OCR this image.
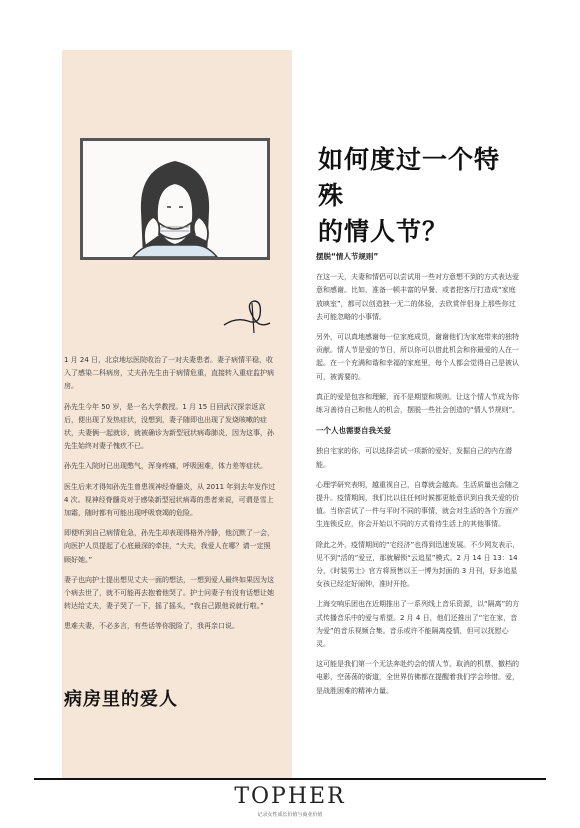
1 月 24 日，北京地坛医院收治了一对夫妻患者。妻子病情平稳，收入了感染二科病房，丈夫孙先生由于病情危重，直接转入重症监护病房。

孙先生今年 50 岁，是一名大学教授。1 月 15 日回武汉探亲返京后，便出现了发热症状，没想到，妻子随即也出现了发烧咳嗽的症状，夫妻俩一起就诊，就被确诊为新型冠状病毒肺炎，因为这事，孙先生始终对妻子愧疚不已。

孙先生入院时已出现憋气，浑身疼痛，呼吸困难，体力差等症状。

医生后来才得知孙先生曾患视神经脊髓炎，从 2011 年到去年发作过 4 次。视神经脊髓炎对于感染新型冠状病毒的患者来说，可谓是雪上加霜，随时都有可能出现呼吸衰竭的危险。

即便听到自己病情危急，孙先生却表现得格外冷静，他沉默了一会，向医护人员提起了心底最深的牵挂，“大夫，我爱人在哪？请一定照顾好她。”

妻子也向护士提出想见丈夫一面的想法，一想到爱人最终如果因为这个病去世了，就不可能再去抱着他哭了。护士问妻子有没有话想让她转达给丈夫，妻子哭了一下，摇了摇头，“我自己跟他说就行啦。”

患难夫妻，不必多言，有些话等你脱险了，我再亲口说。

病房里的爱人
如何度过一个特殊
的情人节？

摆脱“情人节规则”

在这一天，夫妻和情侣可以尝试用一些对方意想不到的方式表达爱意和感谢。比如，准备一顿丰富的早餐，或者把客厅打造成“家庭放映室”，都可以创造独一无二的体验，去欣赏伴侣身上那些你过去可能忽略的小事情。

另外，可以真地感谢每一位家庭成员，谢谢他们为家庭带来的独特贡献。情人节是爱的节日，所以你可以借此机会和你最爱的人在一起。在一个充满和谐和幸福的家庭里，每个人都会觉得自己是被认可，被需要的。

真正的爱是包容和理解，而不是期望和规则。让这个情人节成为你练习善待自己和他人的机会，摆脱一些社会创造的“情人节规则”。

一个人也需要自我关爱

独自宅家的你，可以选择尝试一项新的爱好，发掘自己的内在潜能。

心理学研究表明，越重视自己，自尊就会越高。生活质量也会随之提升。疫情期间，我们比以往任何时候都更能意识到自我关爱的价值。当你尝试了一件与平时不同的事情，就会对生活的各个方面产生连锁反应，你会开始以不同的方式看待生活上的其他事情。

除此之外，疫情期间的“宅经济”也得到迅速发展。不少网友表示，见不到“活的”爱豆，那就解锁“云追星”模式。2 月 14 日 13：14 分，《时装男士》官方将预售以王一博为封面的 3 月刊，好多追星女孩已经定好闹钟，准时开抢。

上海交响乐团也在近期推出了一系列线上音乐资源，以“隔离”的方式传播音乐中的爱与希望。2 月 4 日，他们还推出了“宅在家，音为爱”的音乐视频合集。音乐或许不能隔离疫情，但可以抚慰心灵。

这可能是我们第一个无法奔赴约会的情人节。取消的机票，撤档的电影，空荡荡的街道，全世界仿佛都在提醒着我们学会珍惜。爱，是战胜困难的精神力量。

TOPHER
记录女性成长价值与商业价值
